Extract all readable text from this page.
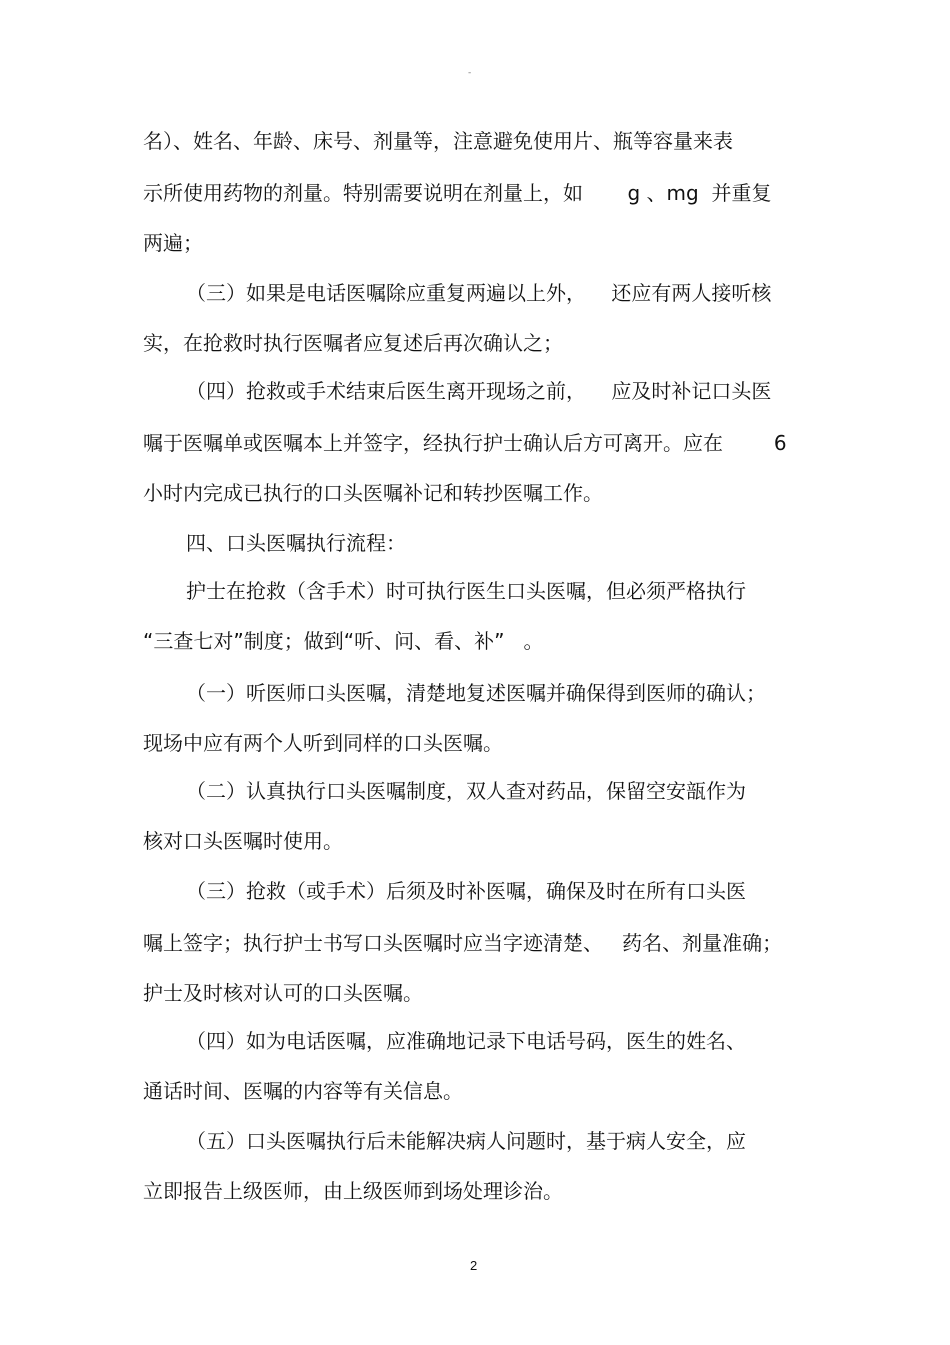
-
名）、姓名、年龄、床号、剂量等，注意避免使用片、瓶等容量来表
示所使用药物的剂量。特别需要说明在剂量上，如       g 、mg  并重复
两遍；
（三）如果是电话医嘱除应重复两遍以上外，    还应有两人接听核
实，在抢救时执行医嘱者应复述后再次确认之；
（四）抢救或手术结束后医生离开现场之前，    应及时补记口头医
嘱于医嘱单或医嘱本上并签字，经执行护士确认后方可离开。应在        6
小时内完成已执行的口头医嘱补记和转抄医嘱工作。
四、口头医嘱执行流程：
护士在抢救（含手术）时可执行医生口头医嘱，但必须严格执行
“三查七对”制度；做到“听、问、看、补”   。
（一）听医师口头医嘱，清楚地复述医嘱并确保得到医师的确认；
现场中应有两个人听到同样的口头医嘱。
（二）认真执行口头医嘱制度，双人查对药品，保留空安瓿作为
核对口头医嘱时使用。
（三）抢救（或手术）后须及时补医嘱，确保及时在所有口头医
嘱上签字；执行护士书写口头医嘱时应当字迹清楚、   药名、剂量准确；
护士及时核对认可的口头医嘱。
（四）如为电话医嘱，应准确地记录下电话号码，医生的姓名、
通话时间、医嘱的内容等有关信息。
（五）口头医嘱执行后未能解决病人问题时，基于病人安全，应
立即报告上级医师，由上级医师到场处理诊治。
2
